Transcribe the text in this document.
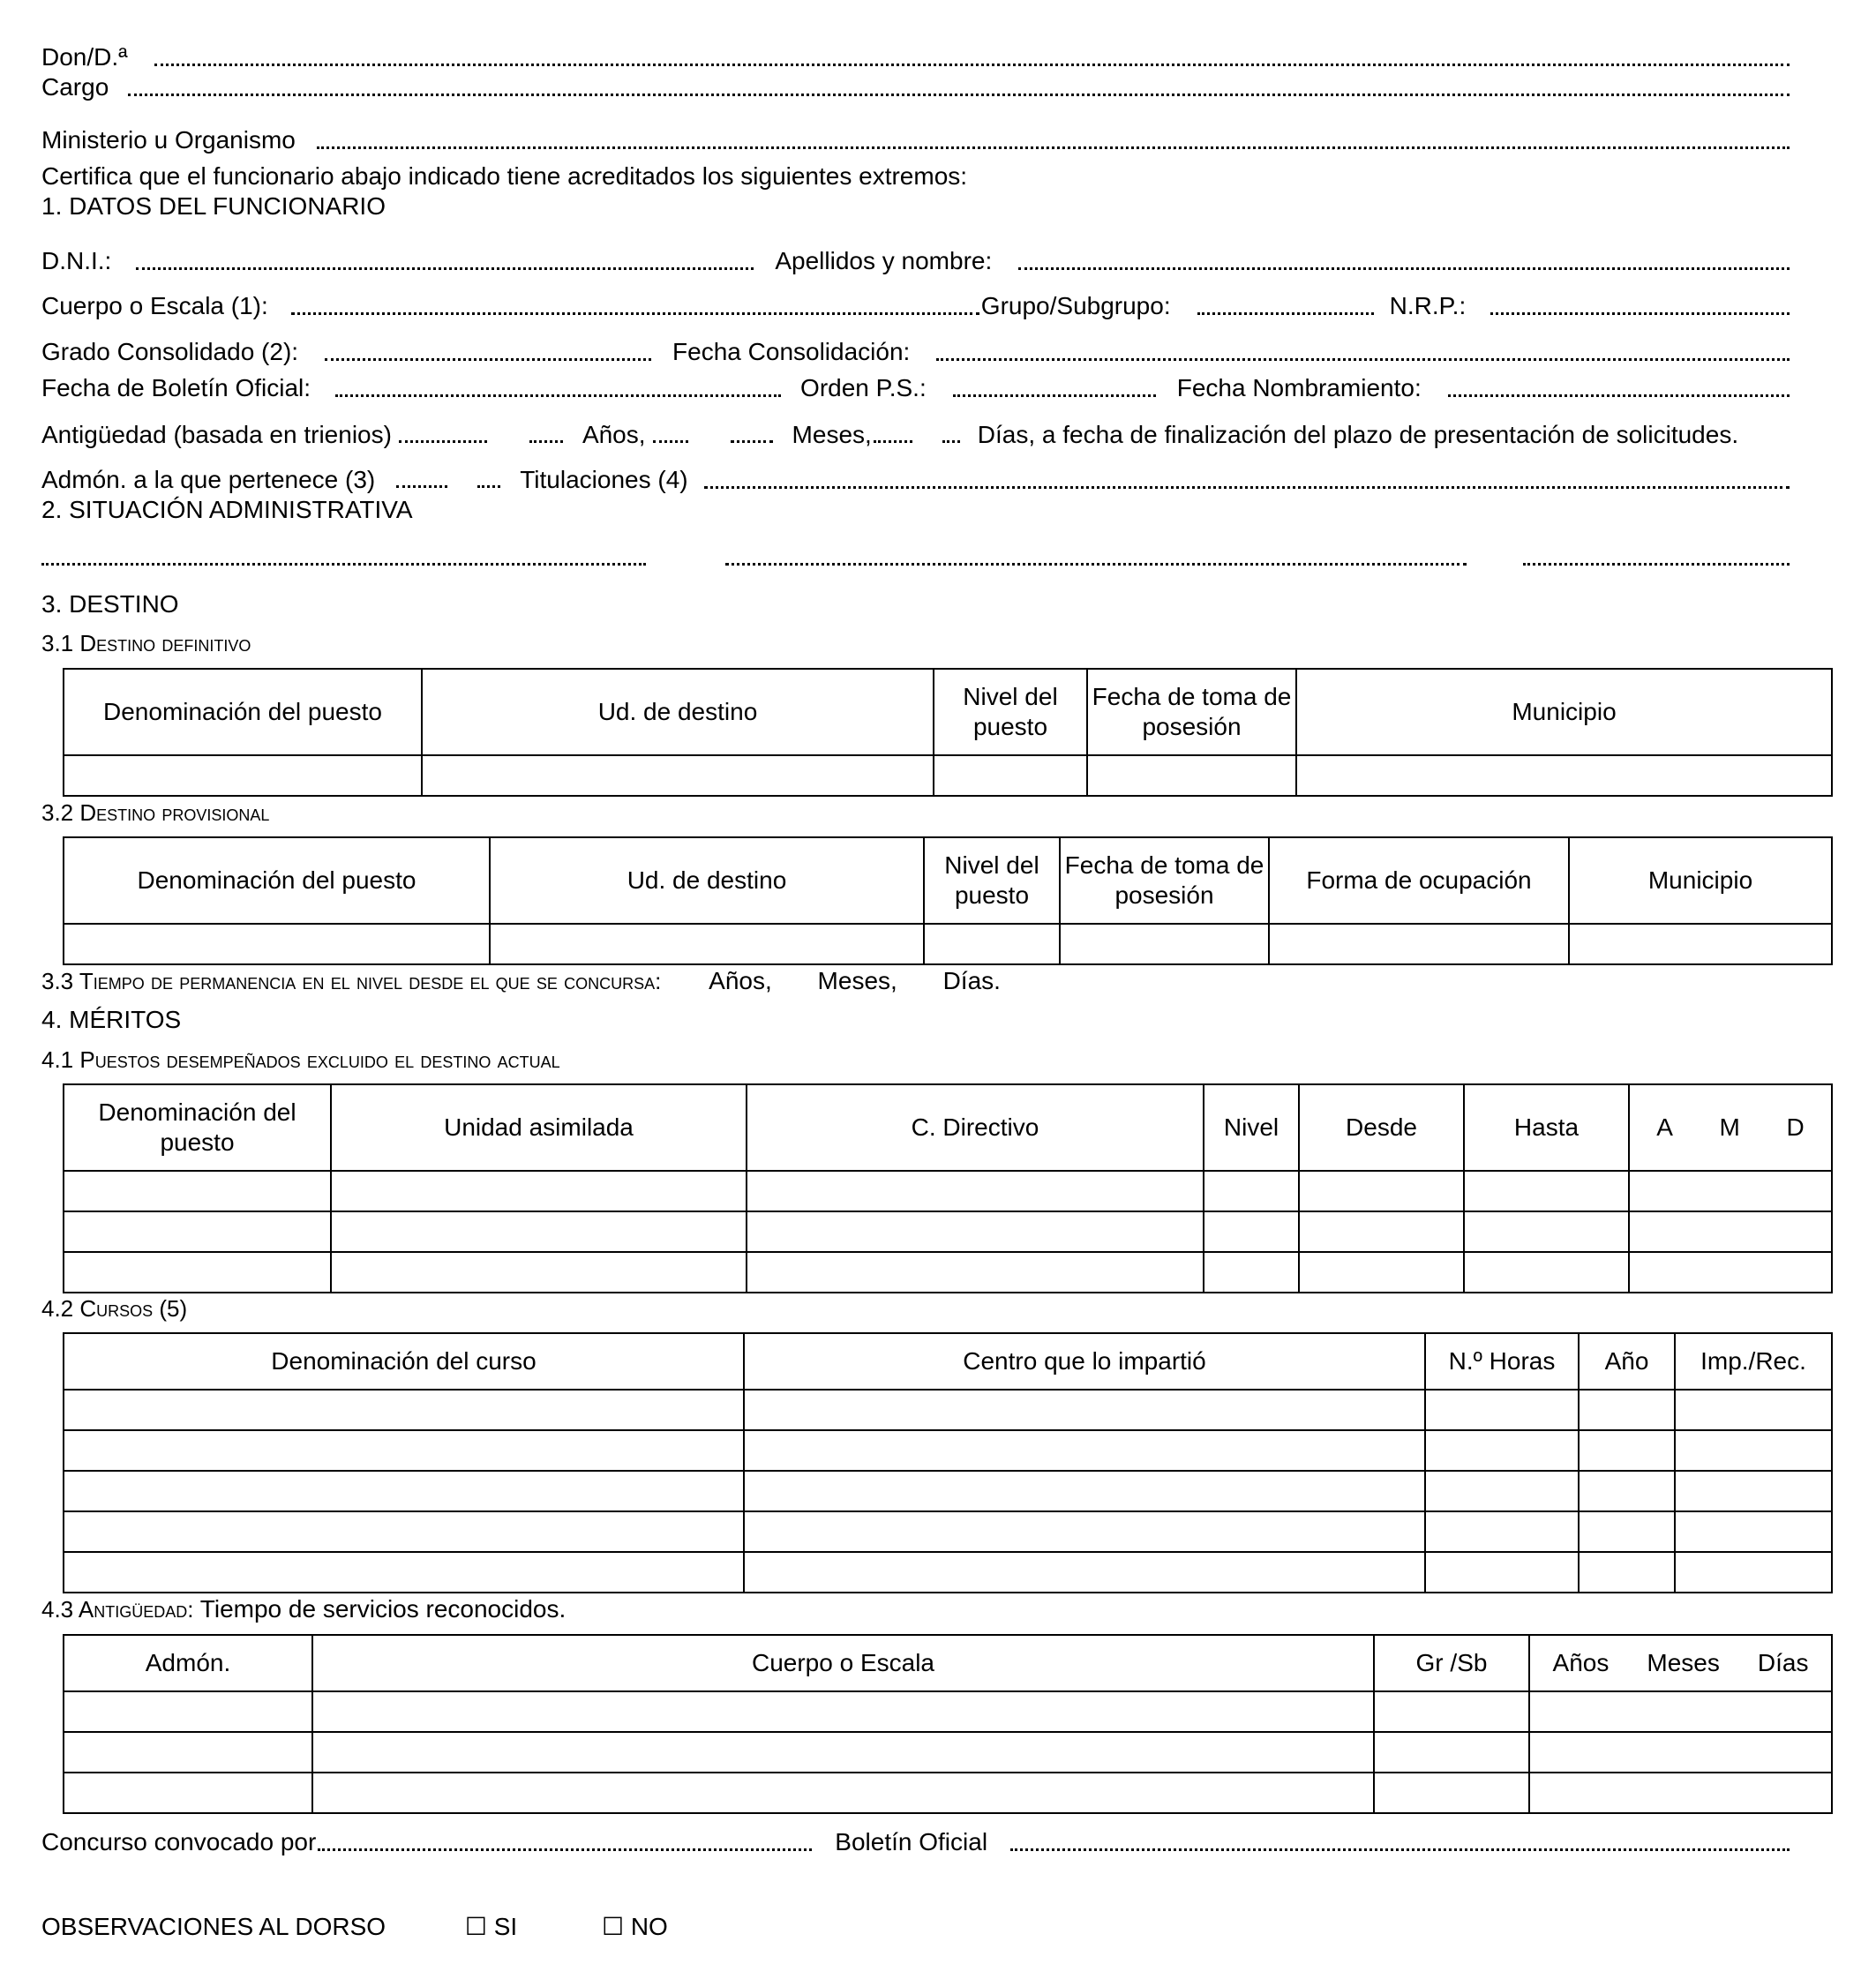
Don/D.ª
Cargo
Ministerio u Organismo
Certifica que el funcionario abajo indicado tiene acreditados los siguientes extremos:
1. DATOS DEL FUNCIONARIO
D.N.I.:	Apellidos y nombre:
Cuerpo o Escala (1):	Grupo/Subgrupo:	N.R.P.:
Grado Consolidado (2):	Fecha Consolidación:
Fecha de Boletín Oficial:	Orden P.S.:	Fecha Nombramiento:
Antigüedad (basada en trienios)	Años,	Meses,	Días, a fecha de finalización del plazo de presentación de solicitudes.
Admón. a la que pertenece (3)	Titulaciones (4)
2. SITUACIÓN ADMINISTRATIVA
3. DESTINO
3.1 Destino definitivo
Denominación del puesto	Ud. de destino	Nivel del puesto	Fecha de toma de posesión	Municipio

3.2 Destino provisional
Denominación del puesto	Ud. de destino	Nivel del puesto	Fecha de toma de posesión	Forma de ocupación	Municipio

3.3 Tiempo de permanencia en el nivel desde el que se concursa: Años, Meses, Días.
4. MÉRITOS
4.1 Puestos desempeñados excluido el destino actual
Denominación del puesto	Unidad asimilada	C. Directivo	Nivel	Desde	Hasta	A M D

4.2 Cursos (5)
Denominación del curso	Centro que lo impartió	N.º Horas	Año	Imp./Rec.

4.3 Antigüedad: Tiempo de servicios reconocidos.
Admón.	Cuerpo o Escala	Gr /Sb	Años Meses Días

Concurso convocado por	Boletín Oficial
OBSERVACIONES AL DORSO	☐ SI	☐ NO
